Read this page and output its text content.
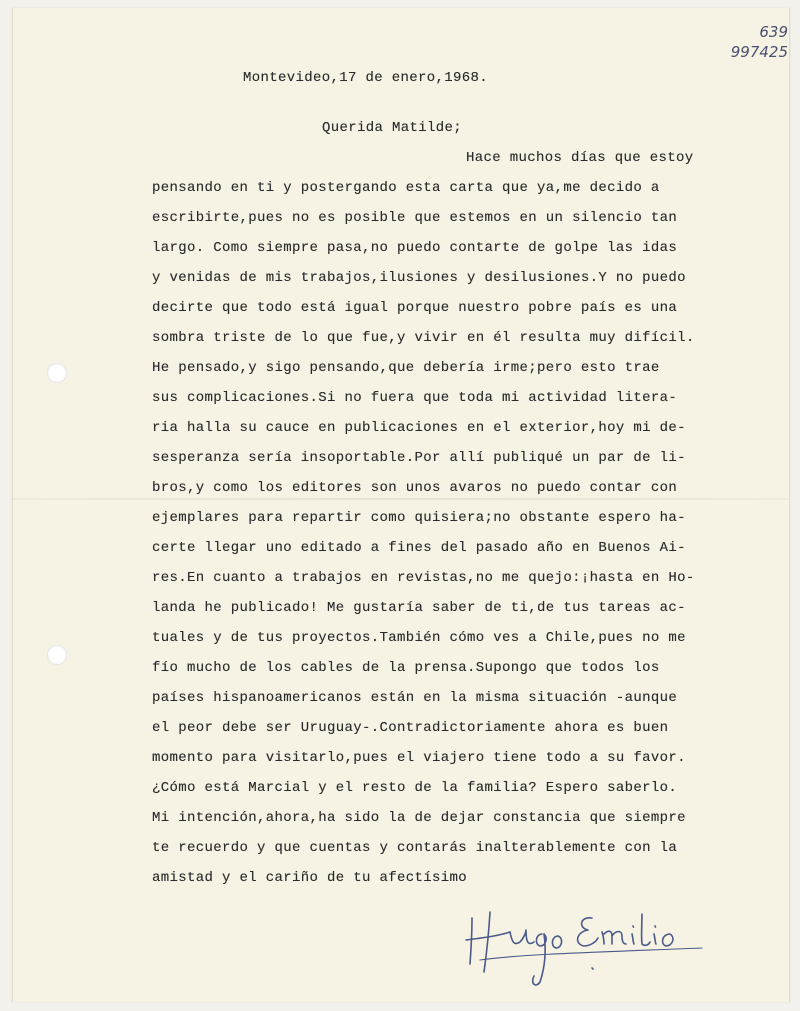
639
997425
Montevideo,17 de enero,1968.
Querida Matilde;
Hace muchos días que estoy
pensando en ti y postergando esta carta que ya,me decido a
escribirte,pues no es posible que estemos en un silencio tan
largo. Como siempre pasa,no puedo contarte de golpe las idas
y venidas de mis trabajos,ilusiones y desilusiones.Y no puedo
decirte que todo está igual porque nuestro pobre país es una
sombra triste de lo que fue,y vivir en él resulta muy difícil.
He pensado,y sigo pensando,que debería irme;pero esto trae
sus complicaciones.Si no fuera que toda mi actividad litera-
ria halla su cauce en publicaciones en el exterior,hoy mi de-
sesperanza sería insoportable.Por allí publiqué un par de li-
bros,y como los editores son unos avaros no puedo contar con
ejemplares para repartir como quisiera;no obstante espero ha-
certe llegar uno editado a fines del pasado año en Buenos Ai-
res.En cuanto a trabajos en revistas,no me quejo:¡hasta en Ho-
landa he publicado! Me gustaría saber de ti,de tus tareas ac-
tuales y de tus proyectos.También cómo ves a Chile,pues no me
fío mucho de los cables de la prensa.Supongo que todos los
países hispanoamericanos están en la misma situación -aunque
el peor debe ser Uruguay-.Contradictoriamente ahora es buen
momento para visitarlo,pues el viajero tiene todo a su favor.
¿Cómo está Marcial y el resto de la familia? Espero saberlo.
Mi intención,ahora,ha sido la de dejar constancia que siempre
te recuerdo y que cuentas y contarás inalterablemente con la
amistad y el cariño de tu afectísimo
Hugo Emilio
